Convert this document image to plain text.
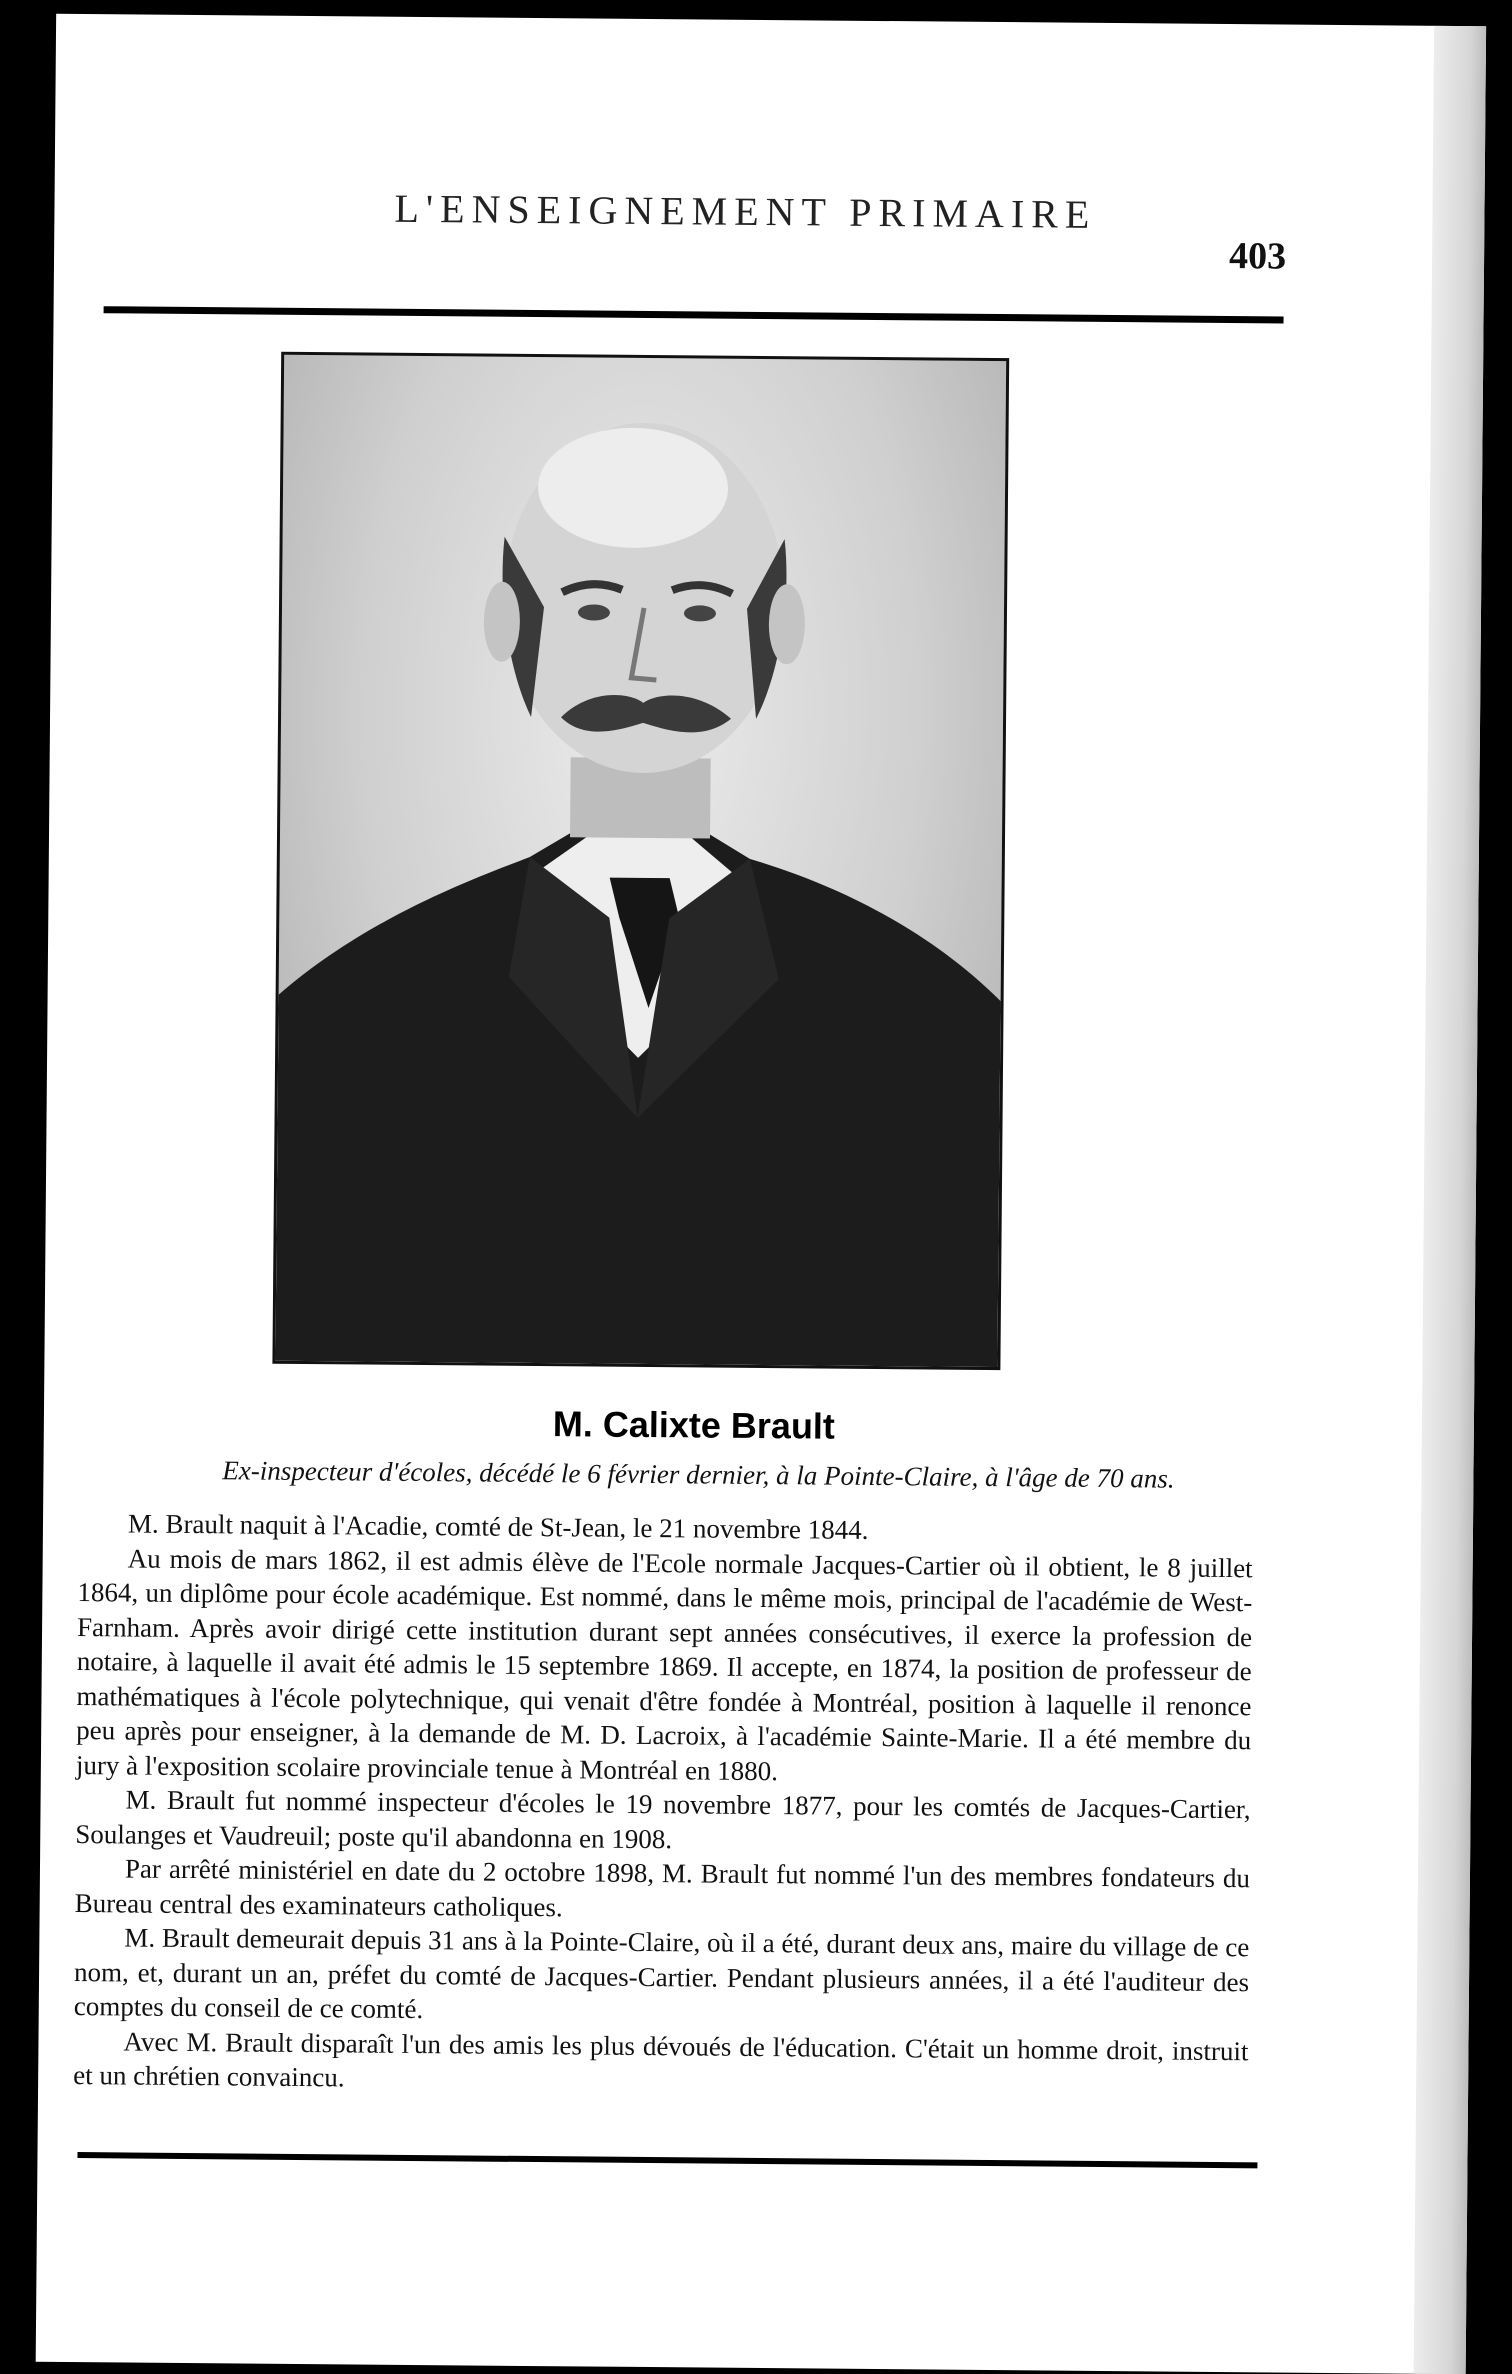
L'ENSEIGNEMENT PRIMAIRE
403
M. Calixte Brault
Ex-inspecteur d'écoles, décédé le 6 février dernier, à la Pointe-Claire, à l'âge de 70 ans.

M. Brault naquit à l'Acadie, comté de St-Jean, le 21 novembre 1844.

Au mois de mars 1862, il est admis élève de l'Ecole normale Jacques-Cartier où il obtient, le 8 juillet 1864, un diplôme pour école académique. Est nommé, dans le même mois, principal de l'académie de West-Farnham. Après avoir dirigé cette institution durant sept années consécutives, il exerce la profession de notaire, à laquelle il avait été admis le 15 septembre 1869. Il accepte, en 1874, la position de professeur de mathématiques à l'école polytechnique, qui venait d'être fondée à Montréal, position à laquelle il renonce peu après pour enseigner, à la demande de M. D. Lacroix, à l'académie Sainte-Marie. Il a été membre du jury à l'exposition scolaire provinciale tenue à Montréal en 1880.

M. Brault fut nommé inspecteur d'écoles le 19 novembre 1877, pour les comtés de Jacques-Cartier, Soulanges et Vaudreuil; poste qu'il abandonna en 1908.

Par arrêté ministériel en date du 2 octobre 1898, M. Brault fut nommé l'un des membres fondateurs du Bureau central des examinateurs catholiques.

M. Brault demeurait depuis 31 ans à la Pointe-Claire, où il a été, durant deux ans, maire du village de ce nom, et, durant un an, préfet du comté de Jacques-Cartier. Pendant plusieurs années, il a été l'auditeur des comptes du conseil de ce comté.

Avec M. Brault disparaît l'un des amis les plus dévoués de l'éducation. C'était un homme droit, instruit et un chrétien convaincu.
